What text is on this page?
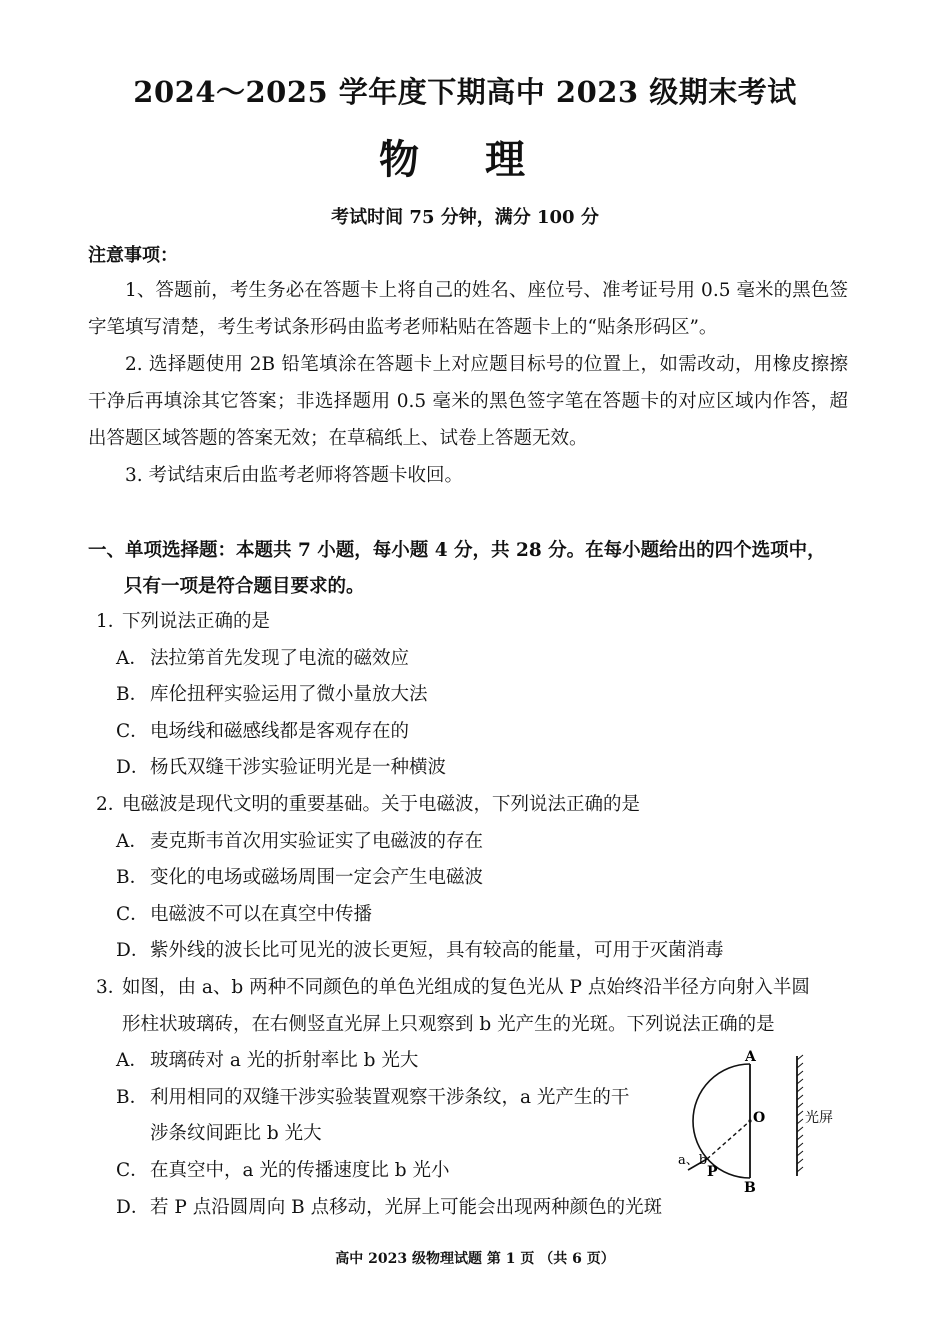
2024～2025 学年度下期高中 2023 级期末考试
物 理
考试时间 75 分钟，满分 100 分
注意事项：

1、答题前，考生务必在答题卡上将自己的姓名、座位号、准考证号用 0.5 毫米的黑色签字笔填写清楚，考生考试条形码由监考老师粘贴在答题卡上的“贴条形码区”。

2. 选择题使用 2B 铅笔填涂在答题卡上对应题目标号的位置上，如需改动，用橡皮擦擦干净后再填涂其它答案；非选择题用 0.5 毫米的黑色签字笔在答题卡的对应区域内作答，超出答题区域答题的答案无效；在草稿纸上、试卷上答题无效。

3. 考试结束后由监考老师将答题卡收回。

一、单项选择题：本题共 7 小题，每小题 4 分，共 28 分。在每小题给出的四个选项中，
只有一项是符合题目要求的。
1．下列说法正确的是
A． 法拉第首先发现了电流的磁效应
B． 库伦扭秤实验运用了微小量放大法
C．电场线和磁感线都是客观存在的
D．杨氏双缝干涉实验证明光是一种横波
2．电磁波是现代文明的重要基础。关于电磁波，下列说法正确的是
A． 麦克斯韦首次用实验证实了电磁波的存在
B． 变化的电场或磁场周围一定会产生电磁波
C．电磁波不可以在真空中传播
D．紫外线的波长比可见光的波长更短，具有较高的能量，可用于灭菌消毒
3．如图，由 a、b 两种不同颜色的单色光组成的复色光从 P 点始终沿半径方向射入半圆
形柱状玻璃砖，在右侧竖直光屏上只观察到 b 光产生的光斑。下列说法正确的是
A． 玻璃砖对 a 光的折射率比 b 光大
B． 利用相同的双缝干涉实验装置观察干涉条纹，a 光产生的干
涉条纹间距比 b 光大
C．在真空中，a 光的传播速度比 b 光小
D．若 P 点沿圆周向 B 点移动，光屏上可能会出现两种颜色的光斑
A
B
O
P
a、b
光屏
高中 2023 级物理试题 第 1 页 （共 6 页）
